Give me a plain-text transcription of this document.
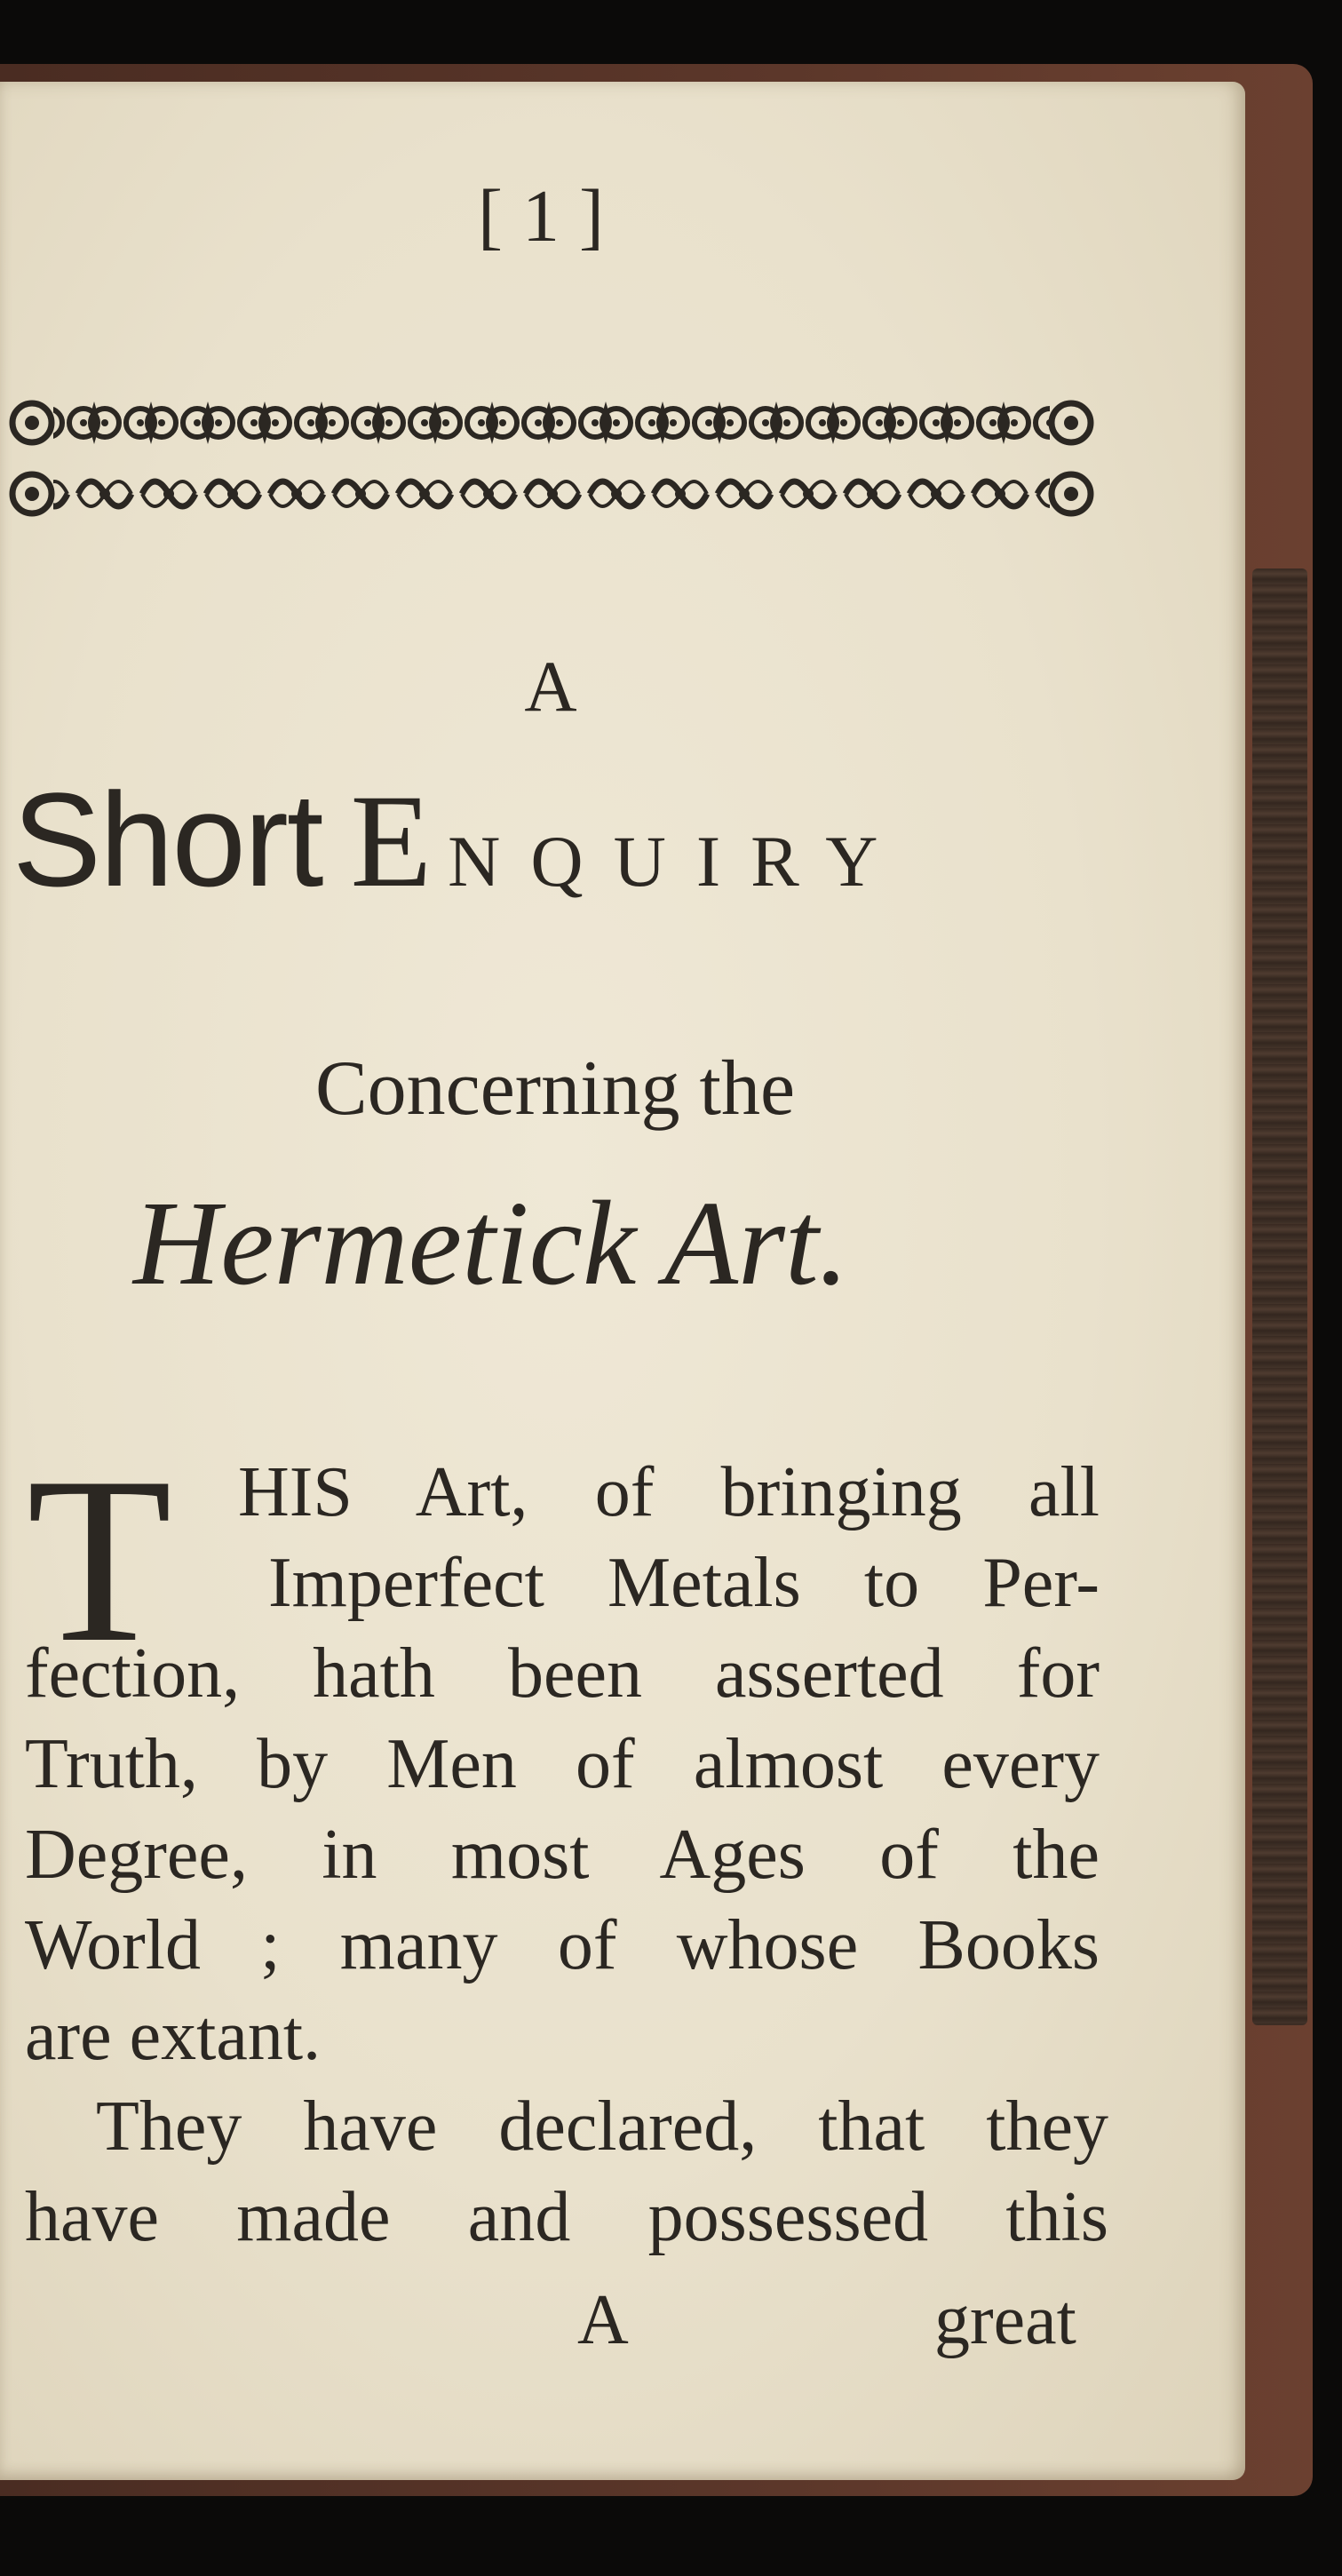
[1]
A
Short E NQUIRY
Concerning the
Hermetick Art.
T HIS Art, of bringing all
Imperfect Metals to Per-
fection, hath been asserted for
Truth, by Men of almost every
Degree, in most Ages of the
World ; many of whose Books
are extant.
They have declared, that they
have made and possessed this
A	great
